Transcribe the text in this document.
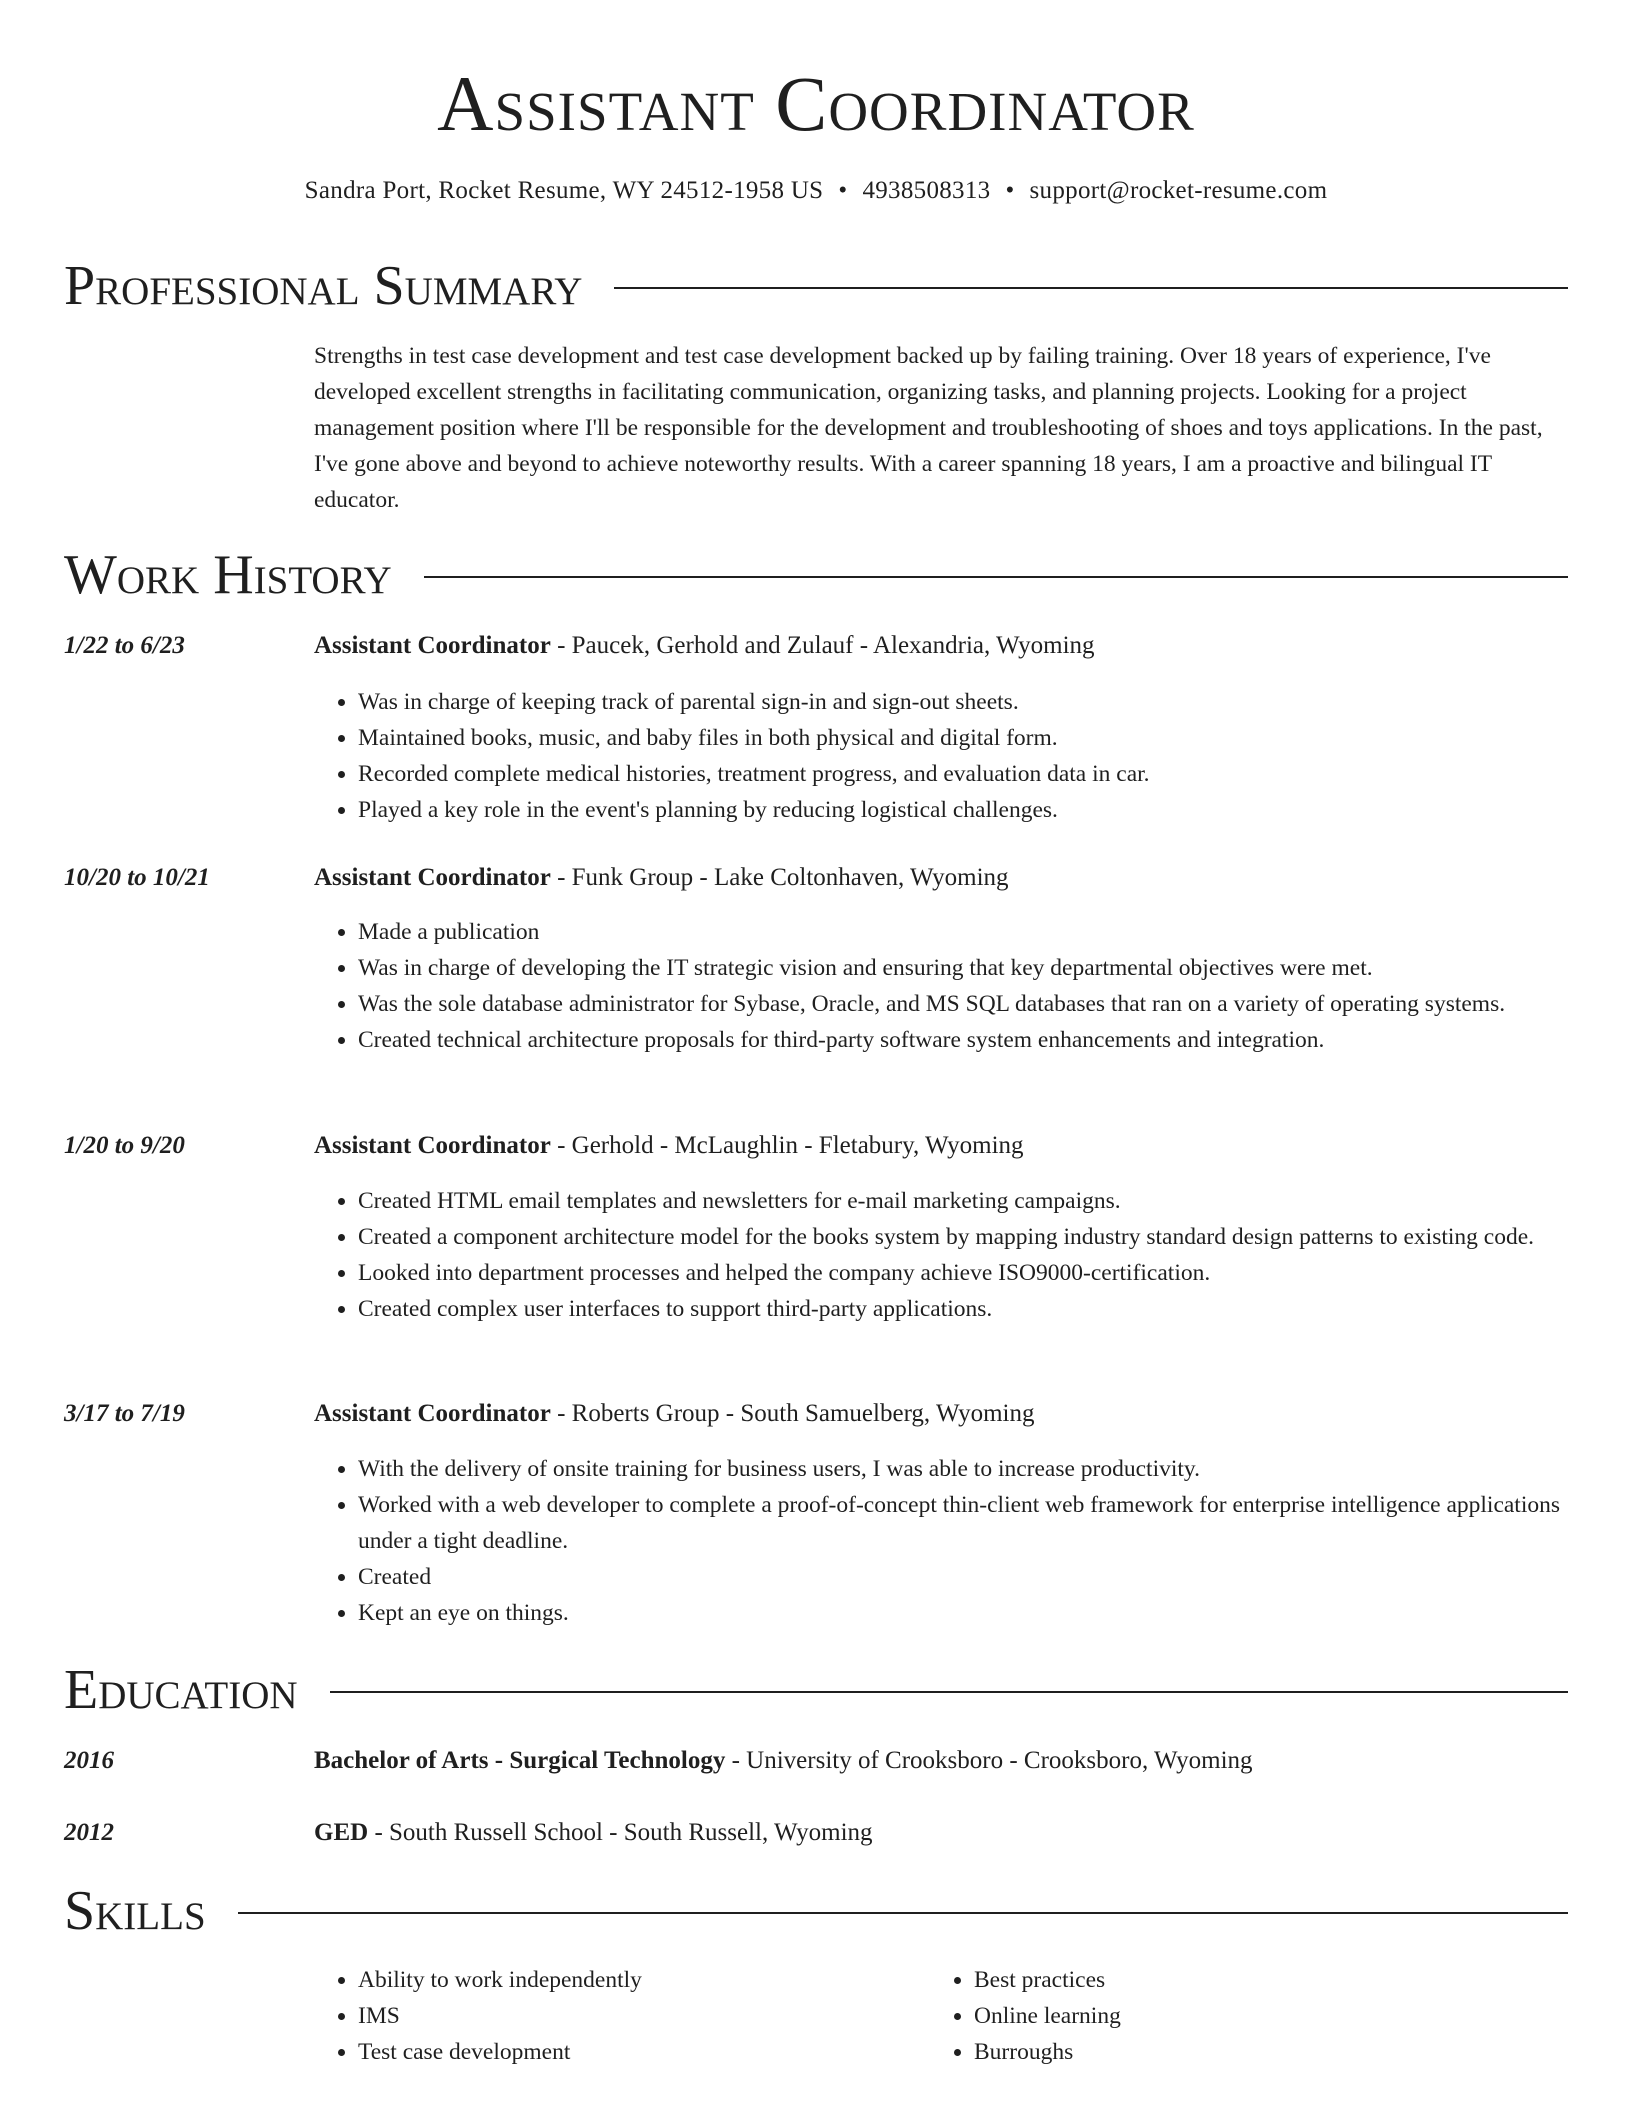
Assistant Coordinator
Sandra Port, Rocket Resume, WY 24512-1958 US • 4938508313 • support@rocket-resume.com
Professional Summary
Strengths in test case development and test case development backed up by failing training. Over 18 years of experience, I've developed excellent strengths in facilitating communication, organizing tasks, and planning projects. Looking for a project management position where I'll be responsible for the development and troubleshooting of shoes and toys applications. In the past, I've gone above and beyond to achieve noteworthy results. With a career spanning 18 years, I am a proactive and bilingual IT educator.
Work History
1/22 to 6/23	Assistant Coordinator - Paucek, Gerhold and Zulauf - Alexandria, Wyoming
• Was in charge of keeping track of parental sign-in and sign-out sheets.
• Maintained books, music, and baby files in both physical and digital form.
• Recorded complete medical histories, treatment progress, and evaluation data in car.
• Played a key role in the event's planning by reducing logistical challenges.
10/20 to 10/21	Assistant Coordinator - Funk Group - Lake Coltonhaven, Wyoming
• Made a publication
• Was in charge of developing the IT strategic vision and ensuring that key departmental objectives were met.
• Was the sole database administrator for Sybase, Oracle, and MS SQL databases that ran on a variety of operating systems.
• Created technical architecture proposals for third-party software system enhancements and integration.
1/20 to 9/20	Assistant Coordinator - Gerhold - McLaughlin - Fletabury, Wyoming
• Created HTML email templates and newsletters for e-mail marketing campaigns.
• Created a component architecture model for the books system by mapping industry standard design patterns to existing code.
• Looked into department processes and helped the company achieve ISO9000-certification.
• Created complex user interfaces to support third-party applications.
3/17 to 7/19	Assistant Coordinator - Roberts Group - South Samuelberg, Wyoming
• With the delivery of onsite training for business users, I was able to increase productivity.
• Worked with a web developer to complete a proof-of-concept thin-client web framework for enterprise intelligence applications under a tight deadline.
• Created
• Kept an eye on things.
Education
2016	Bachelor of Arts - Surgical Technology - University of Crooksboro - Crooksboro, Wyoming
2012	GED - South Russell School - South Russell, Wyoming
Skills
• Ability to work independently
• IMS
• Test case development
• Best practices
• Online learning
• Burroughs
